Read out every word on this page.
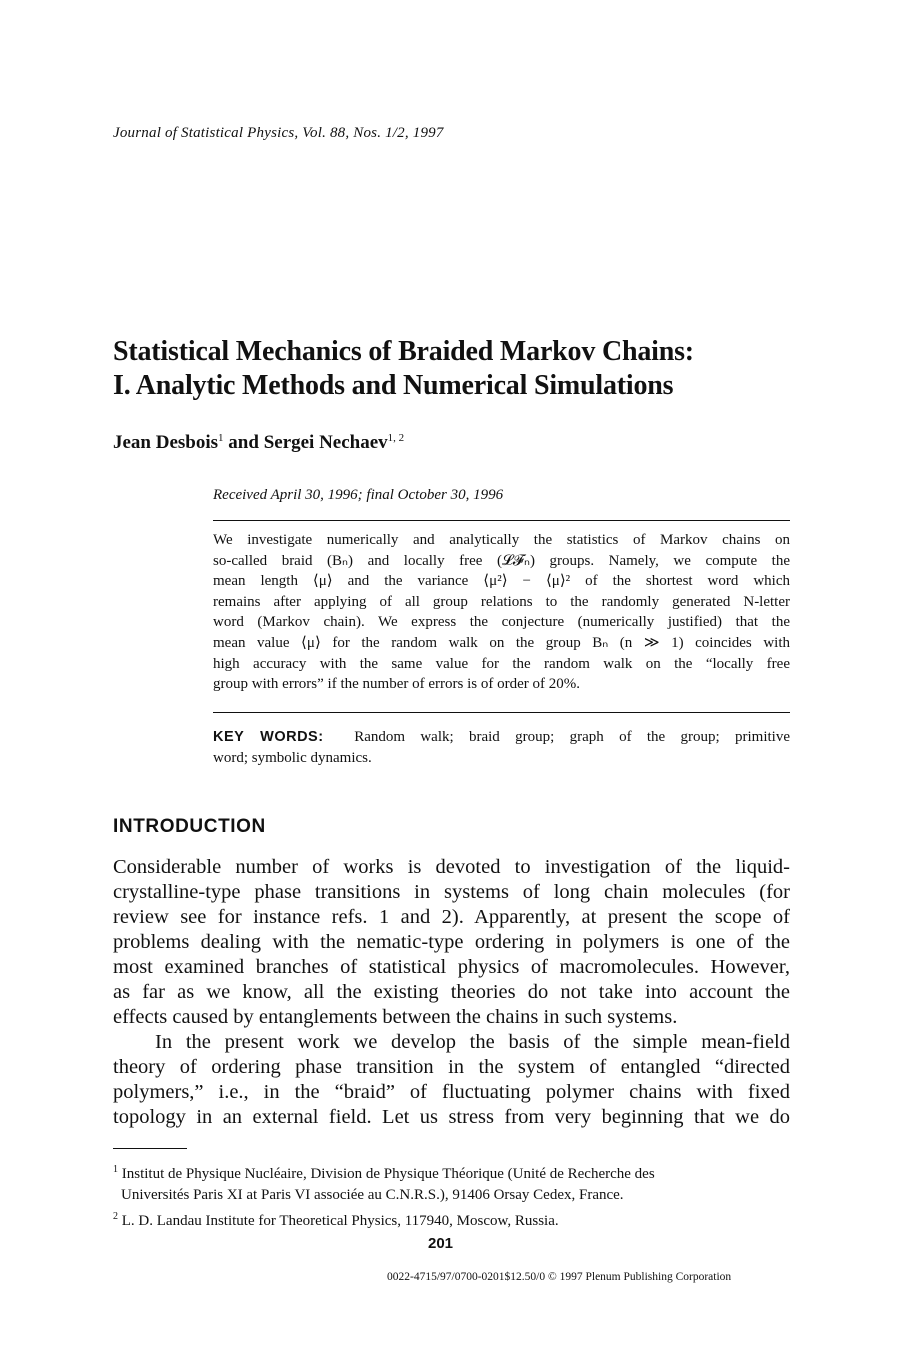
Journal of Statistical Physics, Vol. 88, Nos. 1/2, 1997
Statistical Mechanics of Braided Markov Chains:
I. Analytic Methods and Numerical Simulations
Jean Desbois$^1$ and Sergei Nechaev$^{1, 2}$
Received April 30, 1996; final October 30, 1996
We investigate numerically and analytically the statistics of Markov chains on
so-called braid (Bₙ) and locally free (𝓛𝓕ₙ) groups. Namely, we compute the
mean length ⟨μ⟩ and the variance ⟨μ²⟩ − ⟨μ⟩² of the shortest word which
remains after applying of all group relations to the randomly generated N-letter
word (Markov chain). We express the conjecture (numerically justified) that the
mean value ⟨μ⟩ for the random walk on the group Bₙ (n ≫ 1) coincides with
high accuracy with the same value for the random walk on the “locally free
group with errors” if the number of errors is of order of 20%.
KEY WORDS: Random walk; braid group; graph of the group; primitive
word; symbolic dynamics.
INTRODUCTION
Considerable number of works is devoted to investigation of the liquid-
crystalline-type phase transitions in systems of long chain molecules (for
review see for instance refs. 1 and 2). Apparently, at present the scope of
problems dealing with the nematic-type ordering in polymers is one of the
most examined branches of statistical physics of macromolecules. However,
as far as we know, all the existing theories do not take into account the
effects caused by entanglements between the chains in such systems.
In the present work we develop the basis of the simple mean-field
theory of ordering phase transition in the system of entangled “directed
polymers,” i.e., in the “braid” of fluctuating polymer chains with fixed
topology in an external field. Let us stress from very beginning that we do
$^1$ Institut de Physique Nucléaire, Division de Physique Théorique (Unité de Recherche des
Universités Paris XI at Paris VI associée au C.N.R.S.), 91406 Orsay Cedex, France.
$^2$ L. D. Landau Institute for Theoretical Physics, 117940, Moscow, Russia.
201
0022-4715/97/0700-0201$12.50/0 © 1997 Plenum Publishing Corporation
